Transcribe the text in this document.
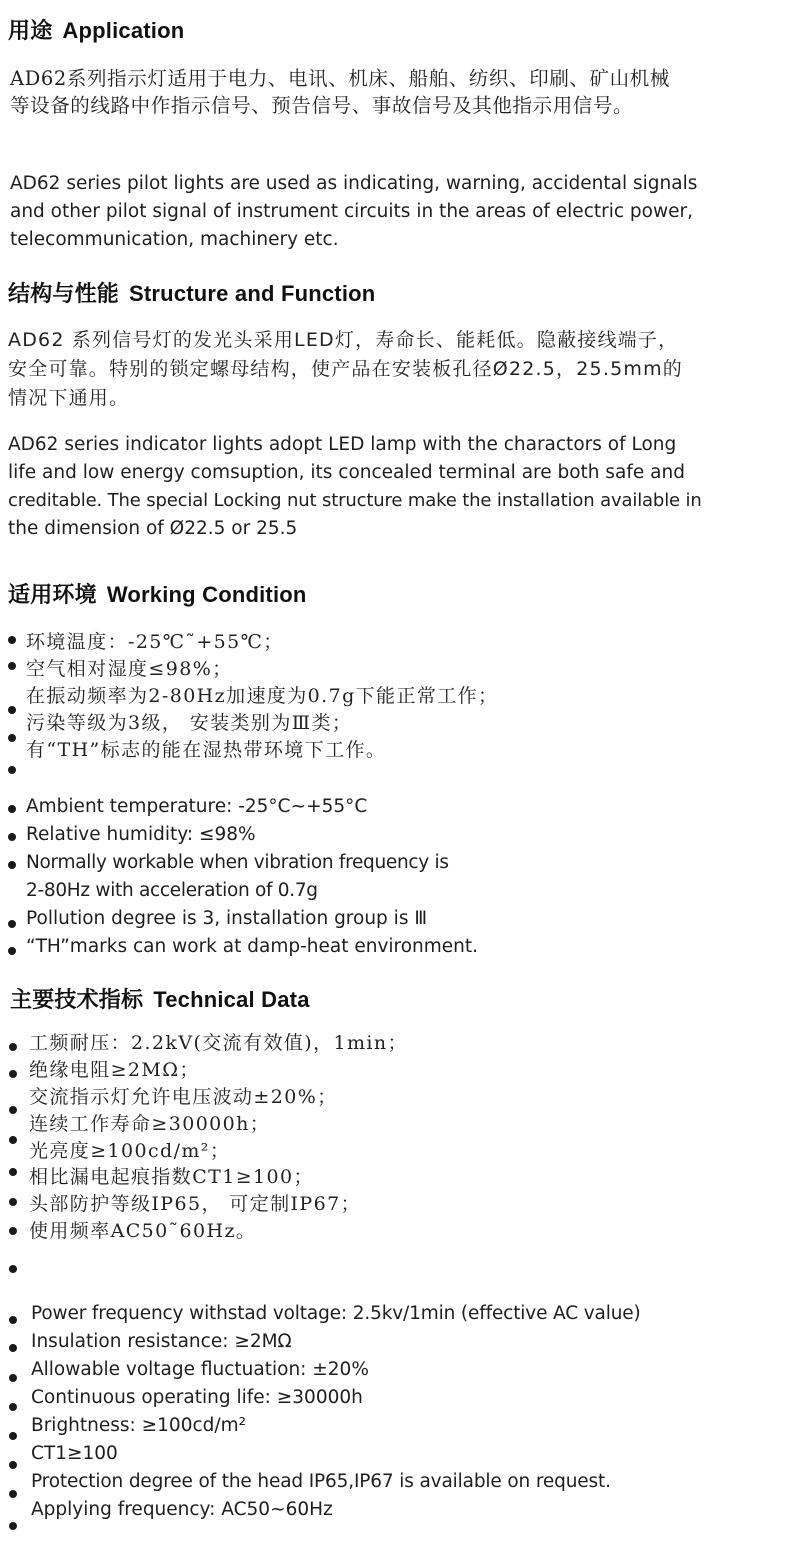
用途 Application
AD62系列指示灯适用于电力、电讯、机床、船舶、纺织、印刷、矿山机械
等设备的线路中作指示信号、预告信号、事故信号及其他指示用信号。
AD62 series pilot lights are used as indicating, warning, accidental signals
and other pilot signal of instrument circuits in the areas of electric power,
telecommunication, machinery etc.
结构与性能 Structure and Function
AD62 系列信号灯的发光头采用LED灯，寿命长、能耗低。隐蔽接线端子，
安全可靠。特别的锁定螺母结构，使产品在安装板孔径Ø22.5，25.5mm的
情况下通用。
AD62 series indicator lights adopt LED lamp with the charactors of Long
life and low energy comsuption, its concealed terminal are both safe and
creditable. The special Locking nut structure make the installation available in
the dimension of Ø22.5 or 25.5
适用环境 Working Condition
环境温度：-25℃˜+55℃；
空气相对湿度≤98%；
在振动频率为2-80Hz加速度为0.7g下能正常工作；
污染等级为3级， 安装类别为Ⅲ类；
有“TH”标志的能在湿热带环境下工作。
Ambient temperature: -25°C~+55°C
Relative humidity: ≤98%
Normally workable when vibration frequency is
2-80Hz with acceleration of 0.7g
Pollution degree is 3, installation group is Ⅲ
“TH”marks can work at damp-heat environment.
主要技术指标 Technical Data
工频耐压：2.2kV(交流有效值)，1min；
绝缘电阻≥2MΩ；
交流指示灯允许电压波动±20%；
连续工作寿命≥30000h；
光亮度≥100cd/m²；
相比漏电起痕指数CT1≥100；
头部防护等级IP65， 可定制IP67；
使用频率AC50˜60Hz。
Power frequency withstad voltage: 2.5kv/1min (effective AC value)
Insulation resistance: ≥2MΩ
Allowable voltage fluctuation: ±20%
Continuous operating life: ≥30000h
Brightness: ≥100cd/m²
CT1≥100
Protection degree of the head IP65,IP67 is available on request.
Applying frequency: AC50~60Hz
